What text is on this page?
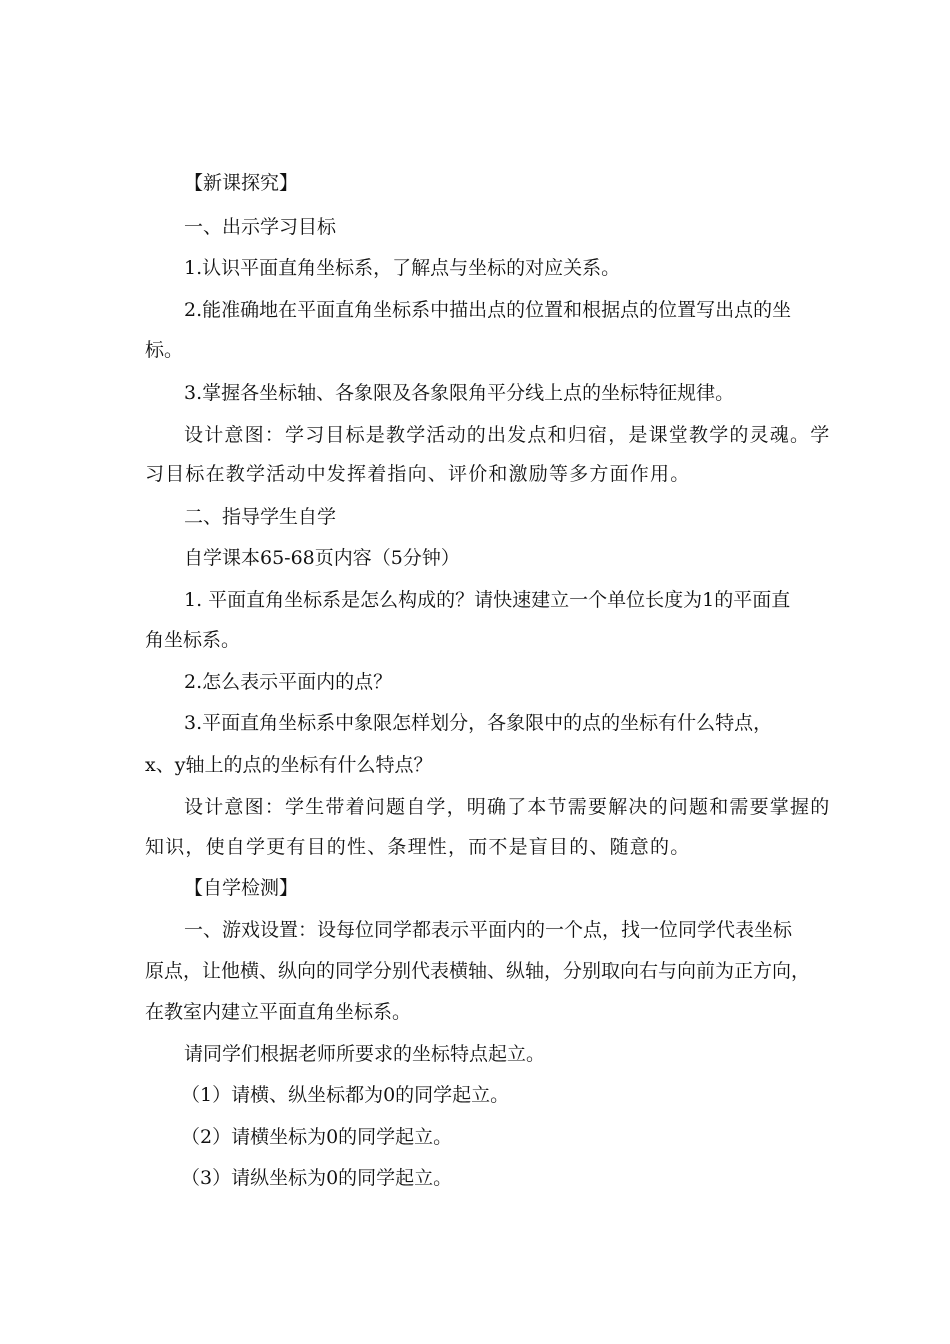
【新课探究】
一、出示学习目标
1.认识平面直角坐标系，了解点与坐标的对应关系。
2.能准确地在平面直角坐标系中描出点的位置和根据点的位置写出点的坐
标。
3.掌握各坐标轴、各象限及各象限角平分线上点的坐标特征规律。
设计意图：学习目标是教学活动的出发点和归宿，是课堂教学的灵魂。学
习目标在教学活动中发挥着指向、评价和激励等多方面作用。
二、指导学生自学
自学课本65-68页内容（5分钟）
1. 平面直角坐标系是怎么构成的？请快速建立一个单位长度为1的平面直
角坐标系。
2.怎么表示平面内的点？
3.平面直角坐标系中象限怎样划分，各象限中的点的坐标有什么特点，
x、y轴上的点的坐标有什么特点？
设计意图：学生带着问题自学，明确了本节需要解决的问题和需要掌握的
知识，使自学更有目的性、条理性，而不是盲目的、随意的。
【自学检测】
一、游戏设置：设每位同学都表示平面内的一个点，找一位同学代表坐标
原点，让他横、纵向的同学分别代表横轴、纵轴，分别取向右与向前为正方向，
在教室内建立平面直角坐标系。
请同学们根据老师所要求的坐标特点起立。
（1）请横、纵坐标都为0的同学起立。
（2）请横坐标为0的同学起立。
（3）请纵坐标为0的同学起立。
